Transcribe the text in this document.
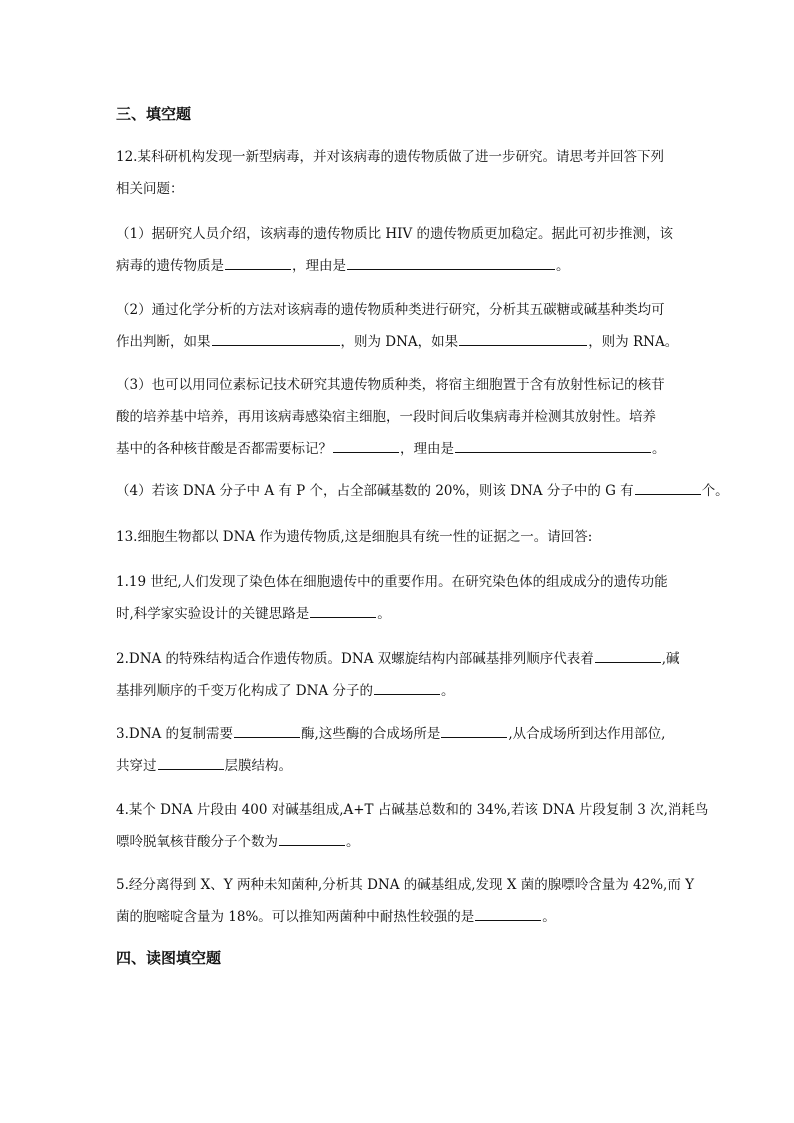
三、填空题
12.某科研机构发现一新型病毒，并对该病毒的遗传物质做了进一步研究。请思考并回答下列
相关问题：
（1）据研究人员介绍，该病毒的遗传物质比 HIV 的遗传物质更加稳定。据此可初步推测，该
病毒的遗传物质是	，理由是	。
（2）通过化学分析的方法对该病毒的遗传物质种类进行研究，分析其五碳糖或碱基种类均可
作出判断，如果	，则为 DNA，如果	，则为 RNA。
（3）也可以用同位素标记技术研究其遗传物质种类，将宿主细胞置于含有放射性标记的核苷
酸的培养基中培养，再用该病毒感染宿主细胞，一段时间后收集病毒并检测其放射性。培养
基中的各种核苷酸是否都需要标记？	，理由是	。
（4）若该 DNA 分子中 A 有 P 个，占全部碱基数的 20%，则该 DNA 分子中的 G 有	个。
13.细胞生物都以 DNA 作为遗传物质,这是细胞具有统一性的证据之一。请回答:
1.19 世纪,人们发现了染色体在细胞遗传中的重要作用。在研究染色体的组成成分的遗传功能
时,科学家实验设计的关键思路是	。
2.DNA 的特殊结构适合作遗传物质。DNA 双螺旋结构内部碱基排列顺序代表着	,碱
基排列顺序的千变万化构成了 DNA 分子的	。
3.DNA 的复制需要	酶,这些酶的合成场所是	,从合成场所到达作用部位,
共穿过	层膜结构。
4.某个 DNA 片段由 400 对碱基组成,A+T 占碱基总数和的 34%,若该 DNA 片段复制 3 次,消耗鸟
嘌呤脱氧核苷酸分子个数为	。
5.经分离得到 X、Y 两种未知菌种,分析其 DNA 的碱基组成,发现 X 菌的腺嘌呤含量为 42%,而 Y
菌的胞嘧啶含量为 18%。可以推知两菌种中耐热性较强的是	。
四、读图填空题
